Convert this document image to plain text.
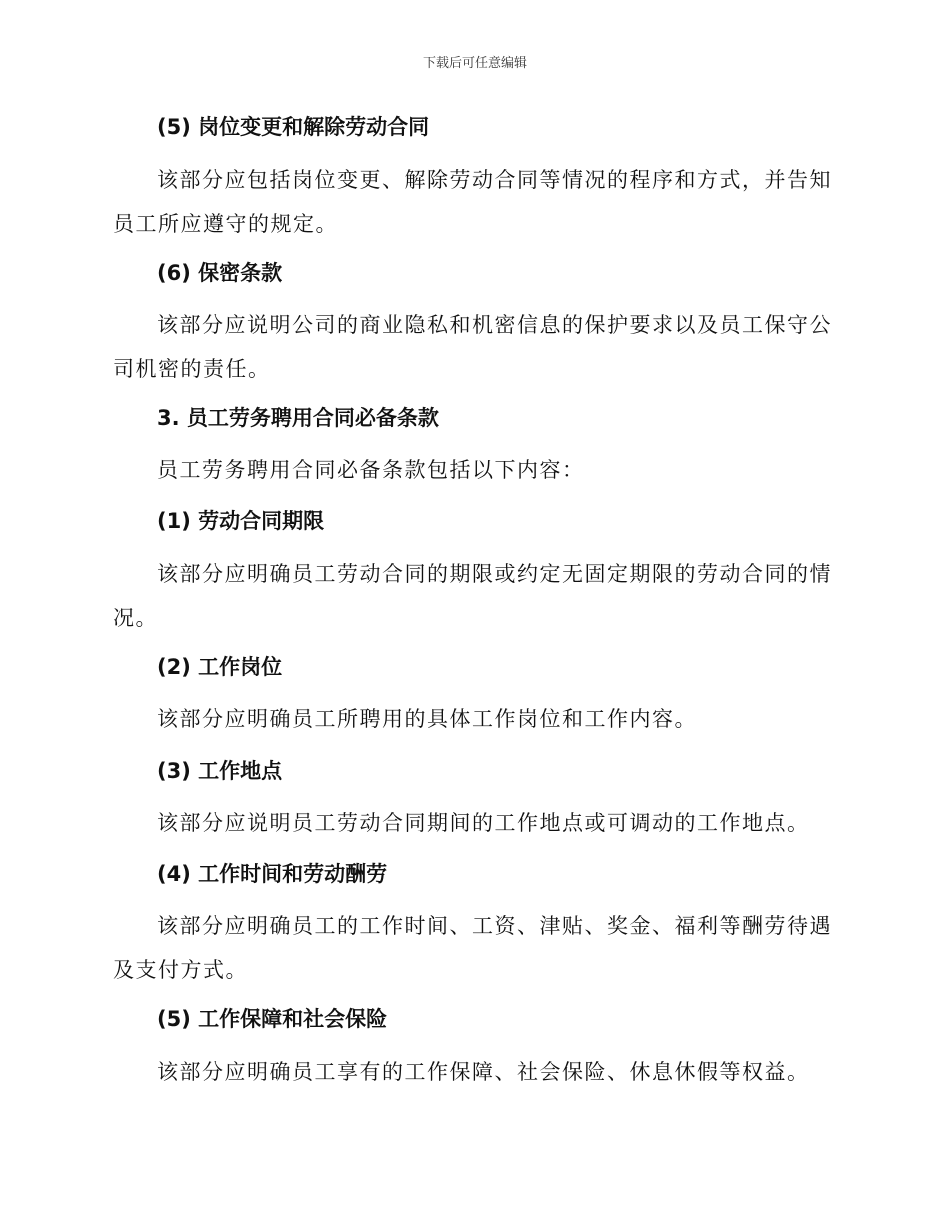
下载后可任意编辑
(5) 岗位变更和解除劳动合同

该部分应包括岗位变更、解除劳动合同等情况的程序和方式，并告知员工所应遵守的规定。

(6) 保密条款

该部分应说明公司的商业隐私和机密信息的保护要求以及员工保守公司机密的责任。

3. 员工劳务聘用合同必备条款

员工劳务聘用合同必备条款包括以下内容：

(1) 劳动合同期限

该部分应明确员工劳动合同的期限或约定无固定期限的劳动合同的情况。

(2) 工作岗位

该部分应明确员工所聘用的具体工作岗位和工作内容。

(3) 工作地点

该部分应说明员工劳动合同期间的工作地点或可调动的工作地点。

(4) 工作时间和劳动酬劳

该部分应明确员工的工作时间、工资、津贴、奖金、福利等酬劳待遇及支付方式。

(5) 工作保障和社会保险

该部分应明确员工享有的工作保障、社会保险、休息休假等权益。
